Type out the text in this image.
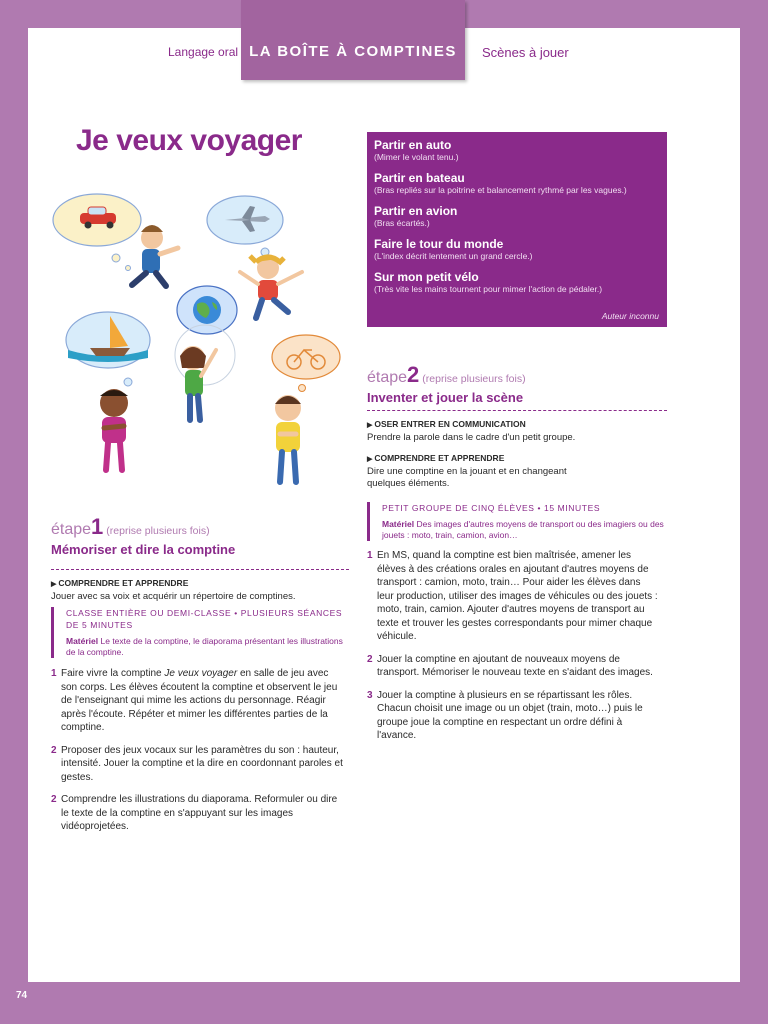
Langage oral LA BOÎTE À COMPTINES	Scènes à jouer
Je veux voyager	Partir en auto
(Mimer le volant tenu.)
Partir en bateau
(Bras repliés sur la poitrine et balancement rythmé par les vagues.)
Partir en avion
(Bras écartés.)
Faire le tour du monde
(L'index décrit lentement un grand cercle.)
Sur mon petit vélo
(Très vite les mains tournent pour mimer l'action de pédaler.)
Auteur inconnu
étape1 (reprise plusieurs fois)
Mémoriser et dire la comptine
▶ COMPRENDRE ET APPRENDRE
Jouer avec sa voix et acquérir un répertoire de comptines.
CLASSE ENTIÈRE OU DEMI-CLASSE • PLUSIEURS SÉANCES DE 5 MINUTES
Matériel Le texte de la comptine, le diaporama présentant les illustrations de la comptine.
1 Faire vivre la comptine Je veux voyager en salle de jeu avec son corps. Les élèves écoutent la comptine et observent le jeu de l'enseignant qui mime les actions du personnage. Réagir après l'écoute. Répéter et mimer les différentes parties de la comptine.
2 Proposer des jeux vocaux sur les paramètres du son : hauteur, intensité. Jouer la comptine et la dire en coordonnant paroles et gestes.
2 Comprendre les illustrations du diaporama. Reformuler ou dire le texte de la comptine en s'appuyant sur les images vidéoprojetées.
étape2 (reprise plusieurs fois)
Inventer et jouer la scène
▶ OSER ENTRER EN COMMUNICATION
Prendre la parole dans le cadre d'un petit groupe.
▶ COMPRENDRE ET APPRENDRE
Dire une comptine en la jouant et en changeant quelques éléments.
PETIT GROUPE DE CINQ ÉLÈVES • 15 MINUTES
Matériel Des images d'autres moyens de transport ou des imagiers ou des jouets : moto, train, camion, avion…
1 En MS, quand la comptine est bien maîtrisée, amener les élèves à des créations orales en ajoutant d'autres moyens de transport : camion, moto, train… Pour aider les élèves dans leur production, utiliser des images de véhicules ou des jouets : moto, train, camion. Ajouter d'autres moyens de transport au texte et trouver les gestes correspondants pour mimer chaque véhicule.
2 Jouer la comptine en ajoutant de nouveaux moyens de transport. Mémoriser le nouveau texte en s'aidant des images.
3 Jouer la comptine à plusieurs en se répartissant les rôles. Chacun choisit une image ou un objet (train, moto…) puis le groupe joue la comptine en respectant un ordre défini à l'avance.
74
